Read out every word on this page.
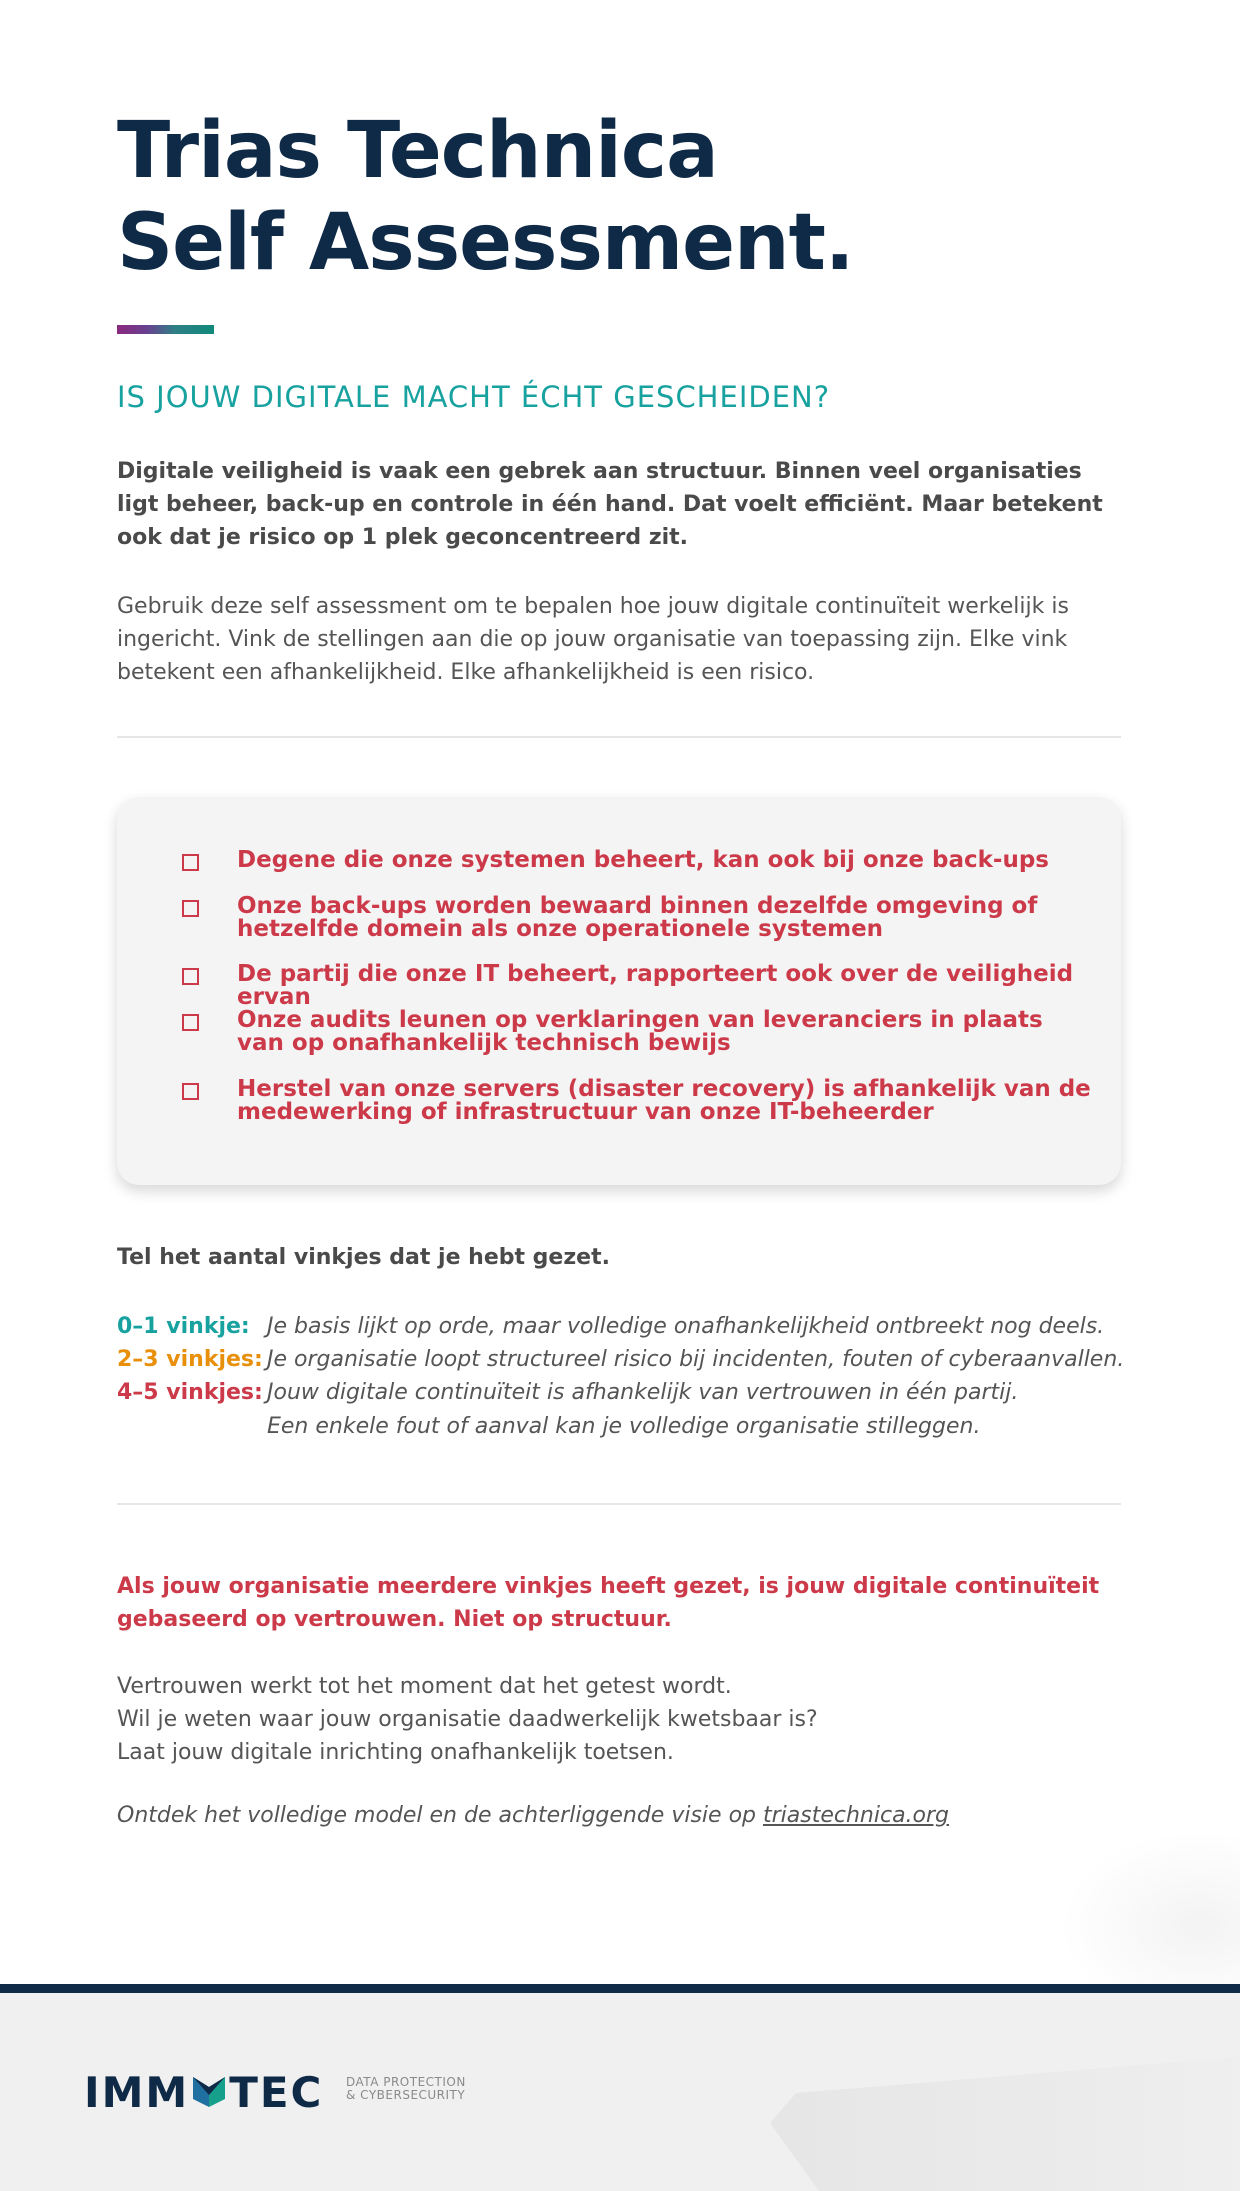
Trias Technica
Self Assessment.
IS JOUW DIGITALE MACHT ÉCHT GESCHEIDEN?

Digitale veiligheid is vaak een gebrek aan structuur. Binnen veel organisaties ligt beheer, back-up en controle in één hand. Dat voelt efficiënt. Maar betekent ook dat je risico op 1 plek geconcentreerd zit.

Gebruik deze self assessment om te bepalen hoe jouw digitale continuïteit werkelijk is ingericht. Vink de stellingen aan die op jouw organisatie van toepassing zijn. Elke vink betekent een afhankelijkheid. Elke afhankelijkheid is een risico.

Degene die onze systemen beheert, kan ook bij onze back-ups
Onze back-ups worden bewaard binnen dezelfde omgeving of hetzelfde domein als onze operationele systemen
De partij die onze IT beheert, rapporteert ook over de veiligheid ervan
Onze audits leunen op verklaringen van leveranciers in plaats van op onafhankelijk technisch bewijs
Herstel van onze servers (disaster recovery) is afhankelijk van de medewerking of infrastructuur van onze IT-beheerder

Tel het aantal vinkjes dat je hebt gezet.

0–1 vinkje: Je basis lijkt op orde, maar volledige onafhankelijkheid ontbreekt nog deels.
2–3 vinkjes: Je organisatie loopt structureel risico bij incidenten, fouten of cyberaanvallen.
4–5 vinkjes: Jouw digitale continuïteit is afhankelijk van vertrouwen in één partij.
Een enkele fout of aanval kan je volledige organisatie stilleggen.

Als jouw organisatie meerdere vinkjes heeft gezet, is jouw digitale continuïteit gebaseerd op vertrouwen. Niet op structuur.

Vertrouwen werkt tot het moment dat het getest wordt.
Wil je weten waar jouw organisatie daadwerkelijk kwetsbaar is?
Laat jouw digitale inrichting onafhankelijk toetsen.
Ontdek het volledige model en de achterliggende visie op triastechnica.org
IMM TEC DATA PROTECTION
& CYBERSECURITY
